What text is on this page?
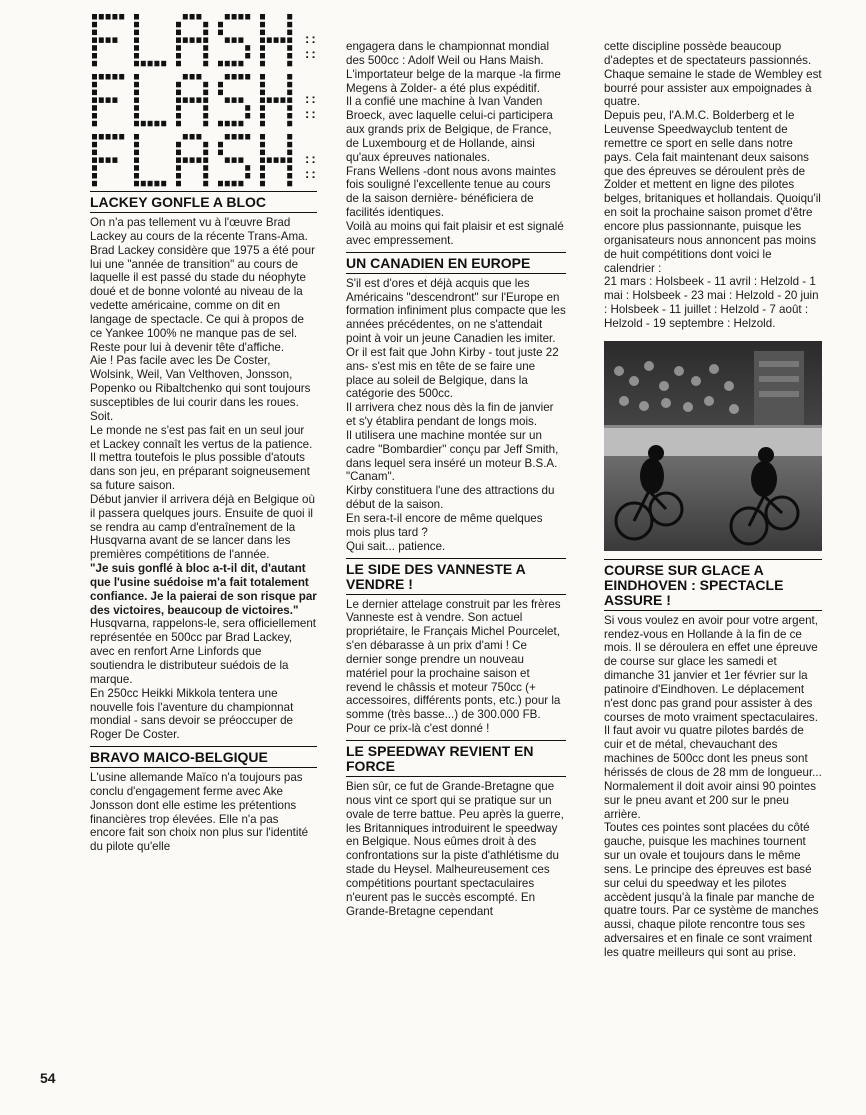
:: ::
:: ::
:: ::
LACKEY GONFLE A BLOC

On n'a pas tellement vu à l'œuvre Brad Lackey au cours de la récente Trans-Ama.

Brad Lackey considère que 1975 a été pour lui une "année de transition" au cours de laquelle il est passé du stade du néophyte doué et de bonne volonté au niveau de la vedette américaine, comme on dit en langage de spectacle. Ce qui à propos de ce Yankee 100% ne manque pas de sel.

Reste pour lui à devenir tête d'affiche.

Aie ! Pas facile avec les De Coster, Wolsink, Weil, Van Velthoven, Jonsson, Popenko ou Ribaltchenko qui sont toujours susceptibles de lui courir dans les roues.

Soit.

Le monde ne s'est pas fait en un seul jour et Lackey connaît les vertus de la patience.

Il mettra toutefois le plus possible d'atouts dans son jeu, en préparant soigneusement sa future saison.

Début janvier il arrivera déjà en Belgique où il passera quelques jours. Ensuite de quoi il se rendra au camp d'entraînement de la Husqvarna avant de se lancer dans les premières compétitions de l'année.

"Je suis gonflé à bloc a-t-il dit, d'autant que l'usine suédoise m'a fait totalement confiance. Je la paierai de son risque par des victoires, beaucoup de victoires."

Husqvarna, rappelons-le, sera officiellement représentée en 500cc par Brad Lackey, avec en renfort Arne Linfords que soutiendra le distributeur suédois de la marque.

En 250cc Heikki Mikkola tentera une nouvelle fois l'aventure du championnat mondial - sans devoir se préoccuper de Roger De Coster.

BRAVO MAICO-BELGIQUE

L'usine allemande Maïco n'a toujours pas conclu d'engagement ferme avec Ake Jonsson dont elle estime les prétentions financières trop élevées. Elle n'a pas encore fait son choix non plus sur l'identité du pilote qu'elle

engagera dans le championnat mondial des 500cc : Adolf Weil ou Hans Maish.

L'importateur belge de la marque -la firme Megens à Zolder- a été plus expéditif.

Il a confié une machine à Ivan Vanden Broeck, avec laquelle celui-ci participera aux grands prix de Belgique, de France, de Luxembourg et de Hollande, ainsi qu'aux épreuves nationales.

Frans Wellens -dont nous avons maintes fois souligné l'excellente tenue au cours de la saison dernière- bénéficiera de facilités identiques.

Voilà au moins qui fait plaisir et est signalé avec empressement.

UN CANADIEN EN EUROPE

S'il est d'ores et déjà acquis que les Américains "descendront" sur l'Europe en formation infiniment plus compacte que les années précédentes, on ne s'attendait point à voir un jeune Canadien les imiter.

Or il est fait que John Kirby - tout juste 22 ans- s'est mis en tête de se faire une place au soleil de Belgique, dans la catégorie des 500cc.

Il arrivera chez nous dès la fin de janvier et s'y établira pendant de longs mois.

Il utilisera une machine montée sur un cadre "Bombardier" conçu par Jeff Smith, dans lequel sera inséré un moteur B.S.A. "Canam".

Kirby constituera l'une des attractions du début de la saison.

En sera-t-il encore de même quelques mois plus tard ?

Qui sait... patience.

LE SIDE DES VANNESTE A VENDRE !

Le dernier attelage construit par les frères Vanneste est à vendre. Son actuel propriétaire, le Français Michel Pourcelet, s'en débarasse à un prix d'ami ! Ce dernier songe prendre un nouveau matériel pour la prochaine saison et revend le châssis et moteur 750cc (+ accessoires, différents ponts, etc.) pour la somme (très basse...) de 300.000 FB. Pour ce prix-là c'est donné !

LE SPEEDWAY REVIENT EN FORCE

Bien sûr, ce fut de Grande-Bretagne que nous vint ce sport qui se pratique sur un ovale de terre battue. Peu après la guerre, les Britanniques introduirent le speedway en Belgique. Nous eûmes droit à des confrontations sur la piste d'athlétisme du stade du Heysel. Malheureusement ces compétitions pourtant spectaculaires n'eurent pas le succès escompté. En Grande-Bretagne cependant

cette discipline possède beaucoup d'adeptes et de spectateurs passionnés. Chaque semaine le stade de Wembley est bourré pour assister aux empoignades à quatre.

Depuis peu, l'A.M.C. Bolderberg et le Leuvense Speedwayclub tentent de remettre ce sport en selle dans notre pays. Cela fait maintenant deux saisons que des épreuves se déroulent près de Zolder et mettent en ligne des pilotes belges, britaniques et hollandais. Quoiqu'il en soit la prochaine saison promet d'être encore plus passionnante, puisque les organisateurs nous annoncent pas moins de huit compétitions dont voici le calendrier :

21 mars : Holsbeek - 11 avril : Helzold - 1 mai : Holsbeek - 23 mai : Helzold - 20 juin : Holsbeek - 11 juillet : Helzold - 7 août : Helzold - 19 septembre : Helzold.

COURSE SUR GLACE A EINDHOVEN : SPECTACLE ASSURE !

Si vous voulez en avoir pour votre argent, rendez-vous en Hollande à la fin de ce mois. Il se déroulera en effet une épreuve de course sur glace les samedi et dimanche 31 janvier et 1er février sur la patinoire d'Eindhoven. Le déplacement n'est donc pas grand pour assister à des courses de moto vraiment spectaculaires.

Il faut avoir vu quatre pilotes bardés de cuir et de métal, chevauchant des machines de 500cc dont les pneus sont hérissés de clous de 28 mm de longueur... Normalement il doit avoir ainsi 90 pointes sur le pneu avant et 200 sur le pneu arrière.

Toutes ces pointes sont placées du côté gauche, puisque les machines tournent sur un ovale et toujours dans le même sens. Le principe des épreuves est basé sur celui du speedway et les pilotes accèdent jusqu'à la finale par manche de quatre tours. Par ce système de manches aussi, chaque pilote rencontre tous ses adversaires et en finale ce sont vraiment les quatre meilleurs qui sont au prise.

54
